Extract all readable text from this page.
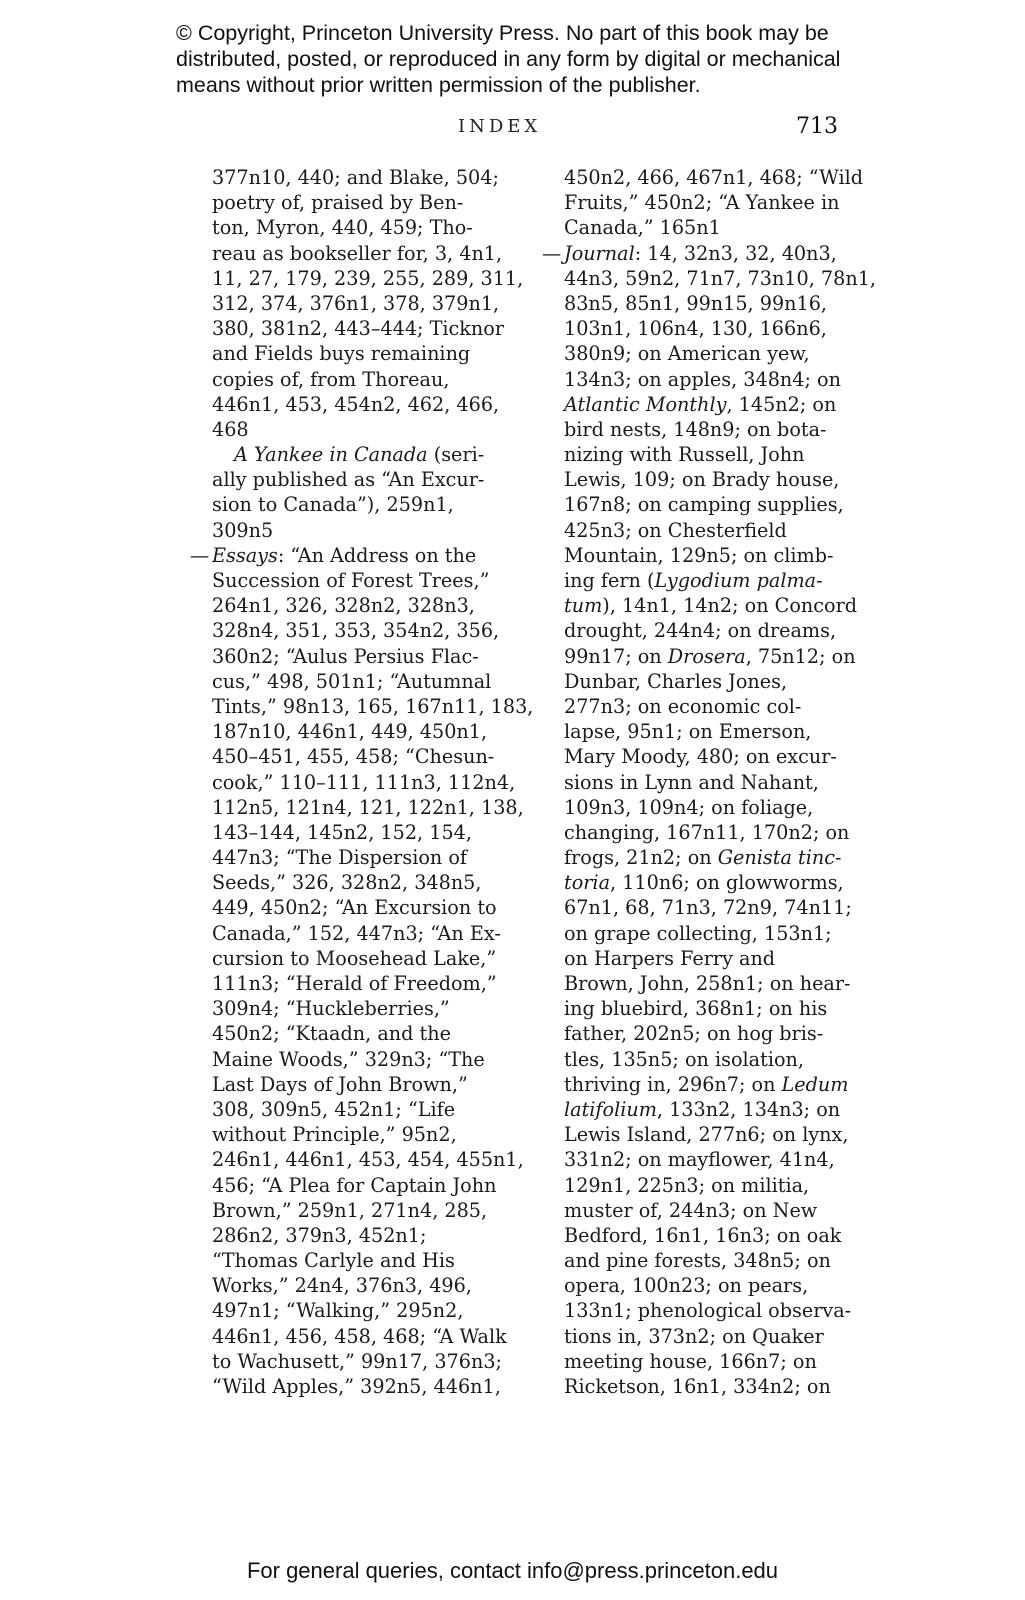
© Copyright, Princeton University Press. No part of this book may be
distributed, posted, or reproduced in any form by digital or mechanical
means without prior written permission of the publisher.
INDEX	713
377n10, 440; and Blake, 504;
poetry of, praised by Ben-
ton, Myron, 440, 459; Tho-
reau as bookseller for, 3, 4n1,
11, 27, 179, 239, 255, 289, 311,
312, 374, 376n1, 378, 379n1,
380, 381n2, 443–444; Ticknor
and Fields buys remaining
copies of, from Thoreau,
446n1, 453, 454n2, 462, 466,
468
A Yankee in Canada (seri-
ally published as “An Excur-
sion to Canada”), 259n1,
309n5
— Essays: “An Address on the
Succession of Forest Trees,”
264n1, 326, 328n2, 328n3,
328n4, 351, 353, 354n2, 356,
360n2; “Aulus Persius Flac-
cus,” 498, 501n1; “Autumnal
Tints,” 98n13, 165, 167n11, 183,
187n10, 446n1, 449, 450n1,
450–451, 455, 458; “Chesun-
cook,” 110–111, 111n3, 112n4,
112n5, 121n4, 121, 122n1, 138,
143–144, 145n2, 152, 154,
447n3; “The Dispersion of
Seeds,” 326, 328n2, 348n5,
449, 450n2; “An Excursion to
Canada,” 152, 447n3; “An Ex-
cursion to Moosehead Lake,”
111n3; “Herald of Freedom,”
309n4; “Huckleberries,”
450n2; “Ktaadn, and the
Maine Woods,” 329n3; “The
Last Days of John Brown,”
308, 309n5, 452n1; “Life
without Principle,” 95n2,
246n1, 446n1, 453, 454, 455n1,
456; “A Plea for Captain John
Brown,” 259n1, 271n4, 285,
286n2, 379n3, 452n1;
“Thomas Carlyle and His
Works,” 24n4, 376n3, 496,
497n1; “Walking,” 295n2,
446n1, 456, 458, 468; “A Walk
to Wachusett,” 99n17, 376n3;
“Wild Apples,” 392n5, 446n1,
450n2, 466, 467n1, 468; “Wild
Fruits,” 450n2; “A Yankee in
Canada,” 165n1
— Journal: 14, 32n3, 32, 40n3,
44n3, 59n2, 71n7, 73n10, 78n1,
83n5, 85n1, 99n15, 99n16,
103n1, 106n4, 130, 166n6,
380n9; on American yew,
134n3; on apples, 348n4; on
Atlantic Monthly, 145n2; on
bird nests, 148n9; on bota-
nizing with Russell, John
Lewis, 109; on Brady house,
167n8; on camping supplies,
425n3; on Chesterfield
Mountain, 129n5; on climb-
ing fern (Lygodium palma-
tum), 14n1, 14n2; on Concord
drought, 244n4; on dreams,
99n17; on Drosera, 75n12; on
Dunbar, Charles Jones,
277n3; on economic col-
lapse, 95n1; on Emerson,
Mary Moody, 480; on excur-
sions in Lynn and Nahant,
109n3, 109n4; on foliage,
changing, 167n11, 170n2; on
frogs, 21n2; on Genista tinc-
toria, 110n6; on glowworms,
67n1, 68, 71n3, 72n9, 74n11;
on grape collecting, 153n1;
on Harpers Ferry and
Brown, John, 258n1; on hear-
ing bluebird, 368n1; on his
father, 202n5; on hog bris-
tles, 135n5; on isolation,
thriving in, 296n7; on Ledum
latifolium, 133n2, 134n3; on
Lewis Island, 277n6; on lynx,
331n2; on mayflower, 41n4,
129n1, 225n3; on militia,
muster of, 244n3; on New
Bedford, 16n1, 16n3; on oak
and pine forests, 348n5; on
opera, 100n23; on pears,
133n1; phenological observa-
tions in, 373n2; on Quaker
meeting house, 166n7; on
Ricketson, 16n1, 334n2; on
For general queries, contact info@press.princeton.edu
